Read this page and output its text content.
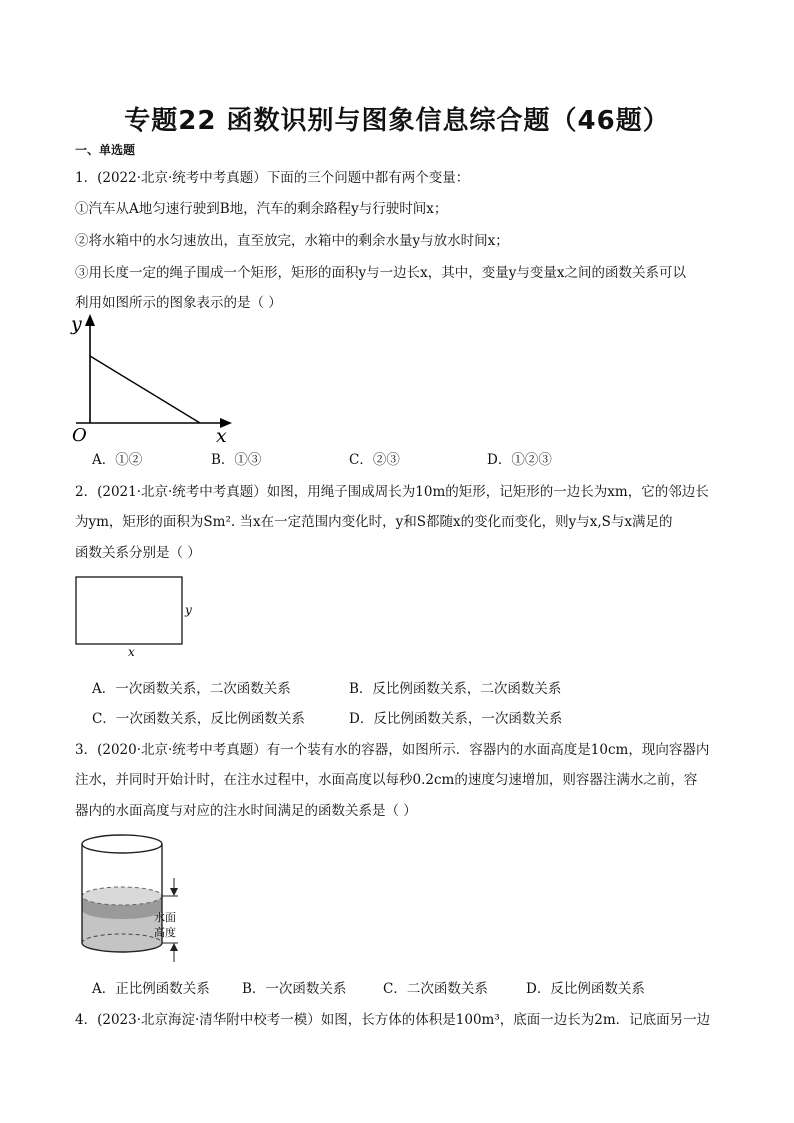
专题22 函数识别与图象信息综合题（46题）
一、单选题
1．(2022·北京·统考中考真题）下面的三个问题中都有两个变量：
①汽车从A地匀速行驶到B地，汽车的剩余路程y与行驶时间x；
②将水箱中的水匀速放出，直至放完，水箱中的剩余水量y与放水时间x；
③用长度一定的绳子围成一个矩形，矩形的面积y与一边长x，其中，变量y与变量x之间的函数关系可以
利用如图所示的图象表示的是（ ）
y
x
O
A．①②	B．①③	C．②③	D．①②③
2．(2021·北京·统考中考真题）如图，用绳子围成周长为10m的矩形，记矩形的一边长为xm，它的邻边长
为ym，矩形的面积为Sm². 当x在一定范围内变化时，y和S都随x的变化而变化，则y与x,S与x满足的
函数关系分别是（ ）
y
x
A．一次函数关系，二次函数关系	B．反比例函数关系，二次函数关系
C．一次函数关系，反比例函数关系	D．反比例函数关系，一次函数关系
3．(2020·北京·统考中考真题）有一个装有水的容器，如图所示．容器内的水面高度是10cm，现向容器内
注水，并同时开始计时，在注水过程中，水面高度以每秒0.2cm的速度匀速增加，则容器注满水之前，容
器内的水面高度与对应的注水时间满足的函数关系是（ ）
水面
高度
A．正比例函数关系 B．一次函数关系	C．二次函数关系	D．反比例函数关系
4．(2023·北京海淀·清华附中校考一模）如图，长方体的体积是100m³，底面一边长为2m．记底面另一边
